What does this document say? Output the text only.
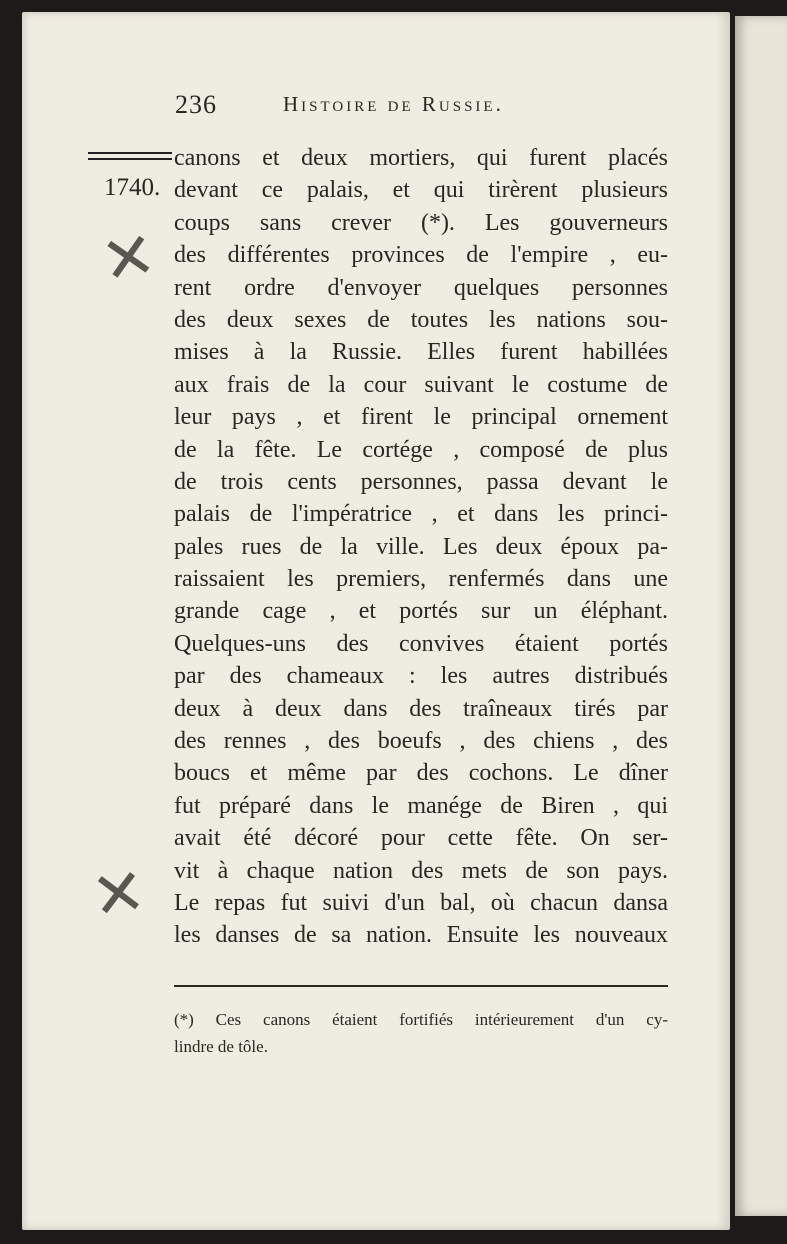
236	Histoire de Russie.
1740.
✕
✕
canons et deux mortiers, qui furent placés
devant ce palais, et qui tirèrent plusieurs
coups sans crever (*). Les gouverneurs
des différentes provinces de l'empire , eu-
rent ordre d'envoyer quelques personnes
des deux sexes de toutes les nations sou-
mises à la Russie. Elles furent habillées
aux frais de la cour suivant le costume de
leur pays , et firent le principal ornement
de la fête. Le cortége , composé de plus
de trois cents personnes, passa devant le
palais de l'impératrice , et dans les princi-
pales rues de la ville. Les deux époux pa-
raissaient les premiers, renfermés dans une
grande cage , et portés sur un éléphant.
Quelques-uns des convives étaient portés
par des chameaux : les autres distribués
deux à deux dans des traîneaux tirés par
des rennes , des boeufs , des chiens , des
boucs et même par des cochons. Le dîner
fut préparé dans le manége de Biren , qui
avait été décoré pour cette fête. On ser-
vit à chaque nation des mets de son pays.
Le repas fut suivi d'un bal, où chacun dansa
les danses de sa nation. Ensuite les nouveaux
(*) Ces canons étaient fortifiés intérieurement d'un cy-
lindre de tôle.
